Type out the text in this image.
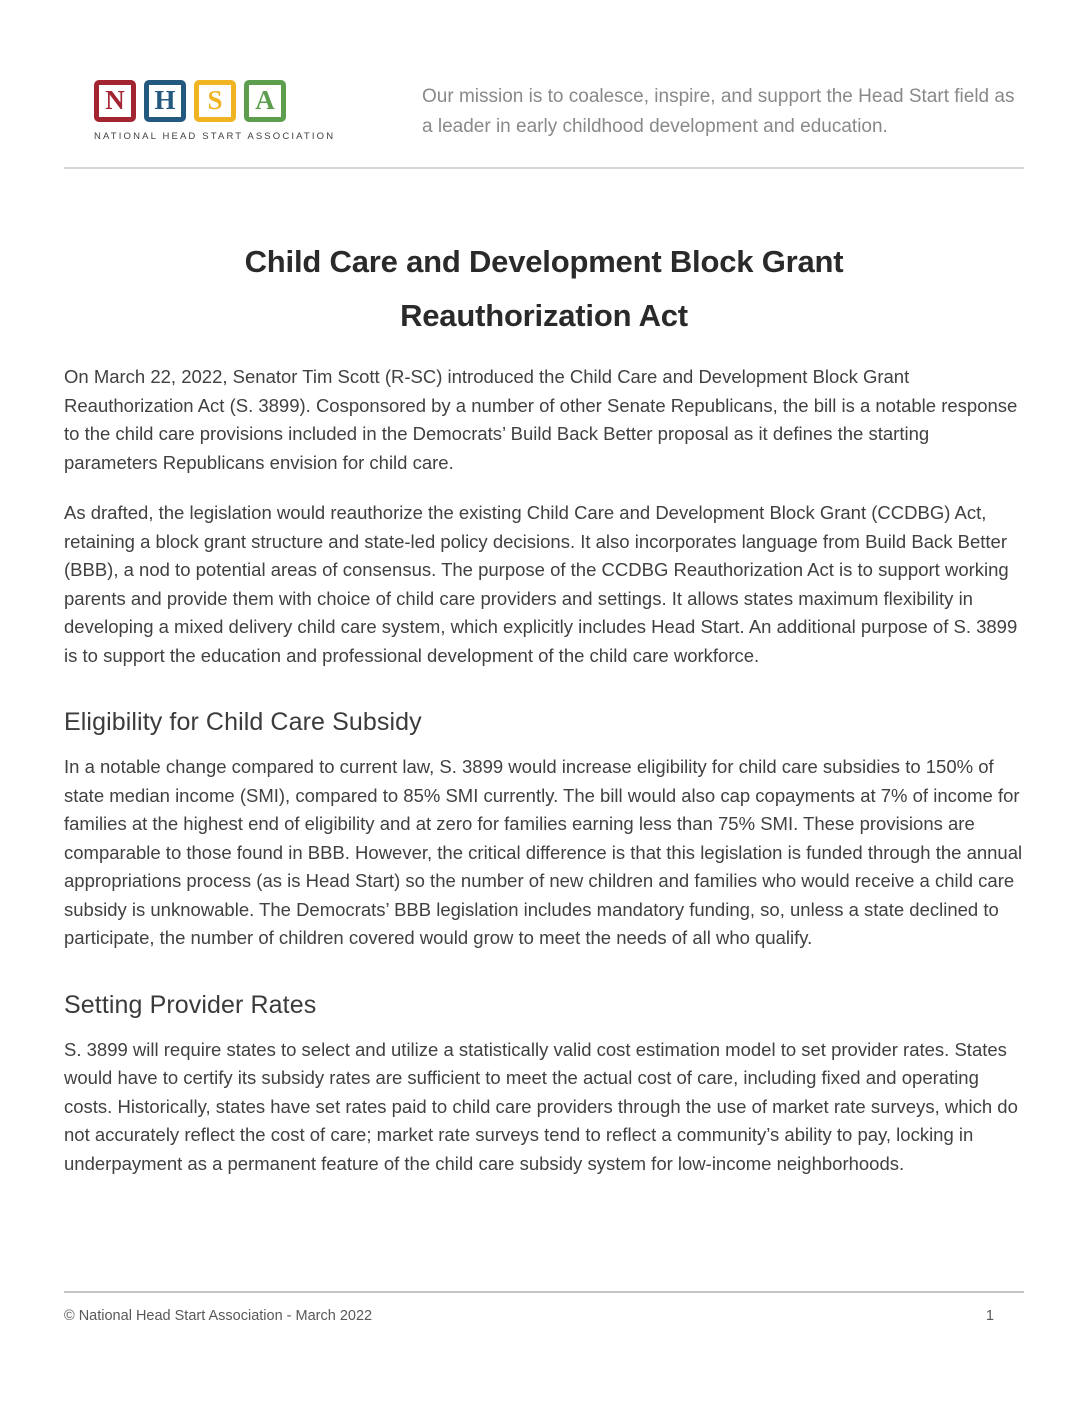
N	H	S	A
NATIONAL HEAD START ASSOCIATION
Our mission is to coalesce, inspire, and support the Head Start field as a leader in early childhood development and education.
Child Care and Development Block Grant
Reauthorization Act

On March 22, 2022, Senator Tim Scott (R-SC) introduced the Child Care and Development Block Grant Reauthorization Act (S. 3899). Cosponsored by a number of other Senate Republicans, the bill is a notable response to the child care provisions included in the Democrats’ Build Back Better proposal as it defines the starting parameters Republicans envision for child care.

As drafted, the legislation would reauthorize the existing Child Care and Development Block Grant (CCDBG) Act, retaining a block grant structure and state-led policy decisions. It also incorporates language from Build Back Better (BBB), a nod to potential areas of consensus. The purpose of the CCDBG Reauthorization Act is to support working parents and provide them with choice of child care providers and settings. It allows states maximum flexibility in developing a mixed delivery child care system, which explicitly includes Head Start. An additional purpose of S. 3899 is to support the education and professional development of the child care workforce.

Eligibility for Child Care Subsidy

In a notable change compared to current law, S. 3899 would increase eligibility for child care subsidies to 150% of state median income (SMI), compared to 85% SMI currently. The bill would also cap copayments at 7% of income for families at the highest end of eligibility and at zero for families earning less than 75% SMI. These provisions are comparable to those found in BBB. However, the critical difference is that this legislation is funded through the annual appropriations process (as is Head Start) so the number of new children and families who would receive a child care subsidy is unknowable. The Democrats’ BBB legislation includes mandatory funding, so, unless a state declined to participate, the number of children covered would grow to meet the needs of all who qualify.

Setting Provider Rates

S. 3899 will require states to select and utilize a statistically valid cost estimation model to set provider rates. States would have to certify its subsidy rates are sufficient to meet the actual cost of care, including fixed and operating costs. Historically, states have set rates paid to child care providers through the use of market rate surveys, which do not accurately reflect the cost of care; market rate surveys tend to reflect a community’s ability to pay, locking in underpayment as a permanent feature of the child care subsidy system for low-income neighborhoods.

© National Head Start Association - March 2022	1
